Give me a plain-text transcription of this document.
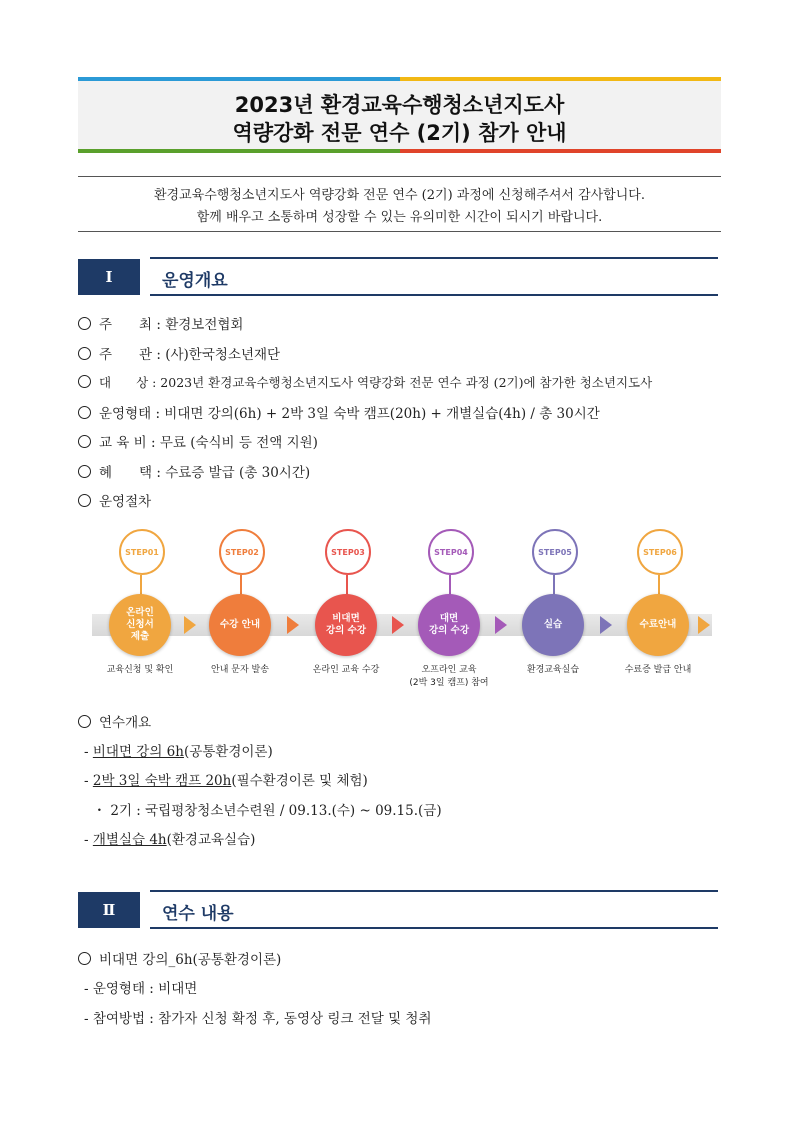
2023년 환경교육수행청소년지도사
역량강화 전문 연수 (2기) 참가 안내
환경교육수행청소년지도사 역량강화 전문 연수 (2기) 과정에 신청해주셔서 감사합니다.
함께 배우고 소통하며 성장할 수 있는 유의미한 시간이 되시기 바랍니다.
Ⅰ	운영개요
주　　최 : 환경보전협회
주　　관 : (사)한국청소년재단
대　　상 : 2023년 환경교육수행청소년지도사 역량강화 전문 연수 과정 (2기)에 참가한 청소년지도사
운영형태 : 비대면 강의(6h) + 2박 3일 숙박 캠프(20h) + 개별실습(4h) / 총 30시간
교 육 비 : 무료 (숙식비 등 전액 지원)
혜　　택 : 수료증 발급 (총 30시간)
운영절차
STEP01
온라인
신청서
제출
교육신청 및 확인
STEP02
수강 안내
안내 문자 발송
STEP03
비대면
강의 수강
온라인 교육 수강
STEP04
대면
강의 수강
오프라인 교육
(2박 3일 캠프) 참여
STEP05
실습
환경교육실습
STEP06
수료안내
수료증 발급 안내
연수개요
- 비대면 강의 6h(공통환경이론)
- 2박 3일 숙박 캠프 20h(필수환경이론 및 체험)
・ 2기 : 국립평창청소년수련원 / 09.13.(수) ~ 09.15.(금)
- 개별실습 4h(환경교육실습)
Ⅱ	연수 내용
비대면 강의_6h(공통환경이론)
- 운영형태 : 비대면
- 참여방법 : 참가자 신청 확정 후, 동영상 링크 전달 및 청취
